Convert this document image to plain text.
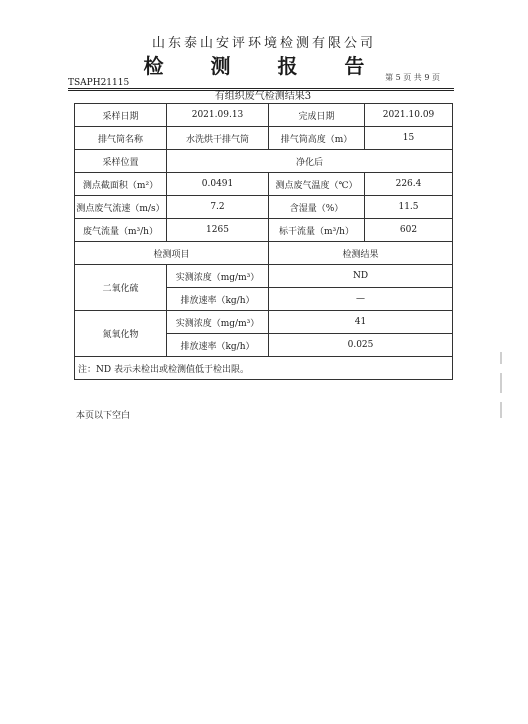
山东泰山安评环境检测有限公司
检 测 报 告 第 5 页 共 9 页
TSAPH21115
有组织废气检测结果3
采样日期	2021.09.13	完成日期	2021.10.09
排气筒名称	水洗烘干排气筒	排气筒高度（m）	15
采样位置	净化后		
测点截面积（m²）	0.0491	测点废气温度（℃）	226.4
测点废气流速（m/s）	7.2	含湿量（%）	11.5
废气流量（m³/h）	1265	标干流量（m³/h）	602
检测项目		检测结果	
二氧化硫	实测浓度（mg/m³）	ND	
	排放速率（kg/h）	—	
氮氧化物	实测浓度（mg/m³）	41	
	排放速率（kg/h）	0.025	
注：ND 表示未检出或检测值低于检出限。			
本页以下空白
